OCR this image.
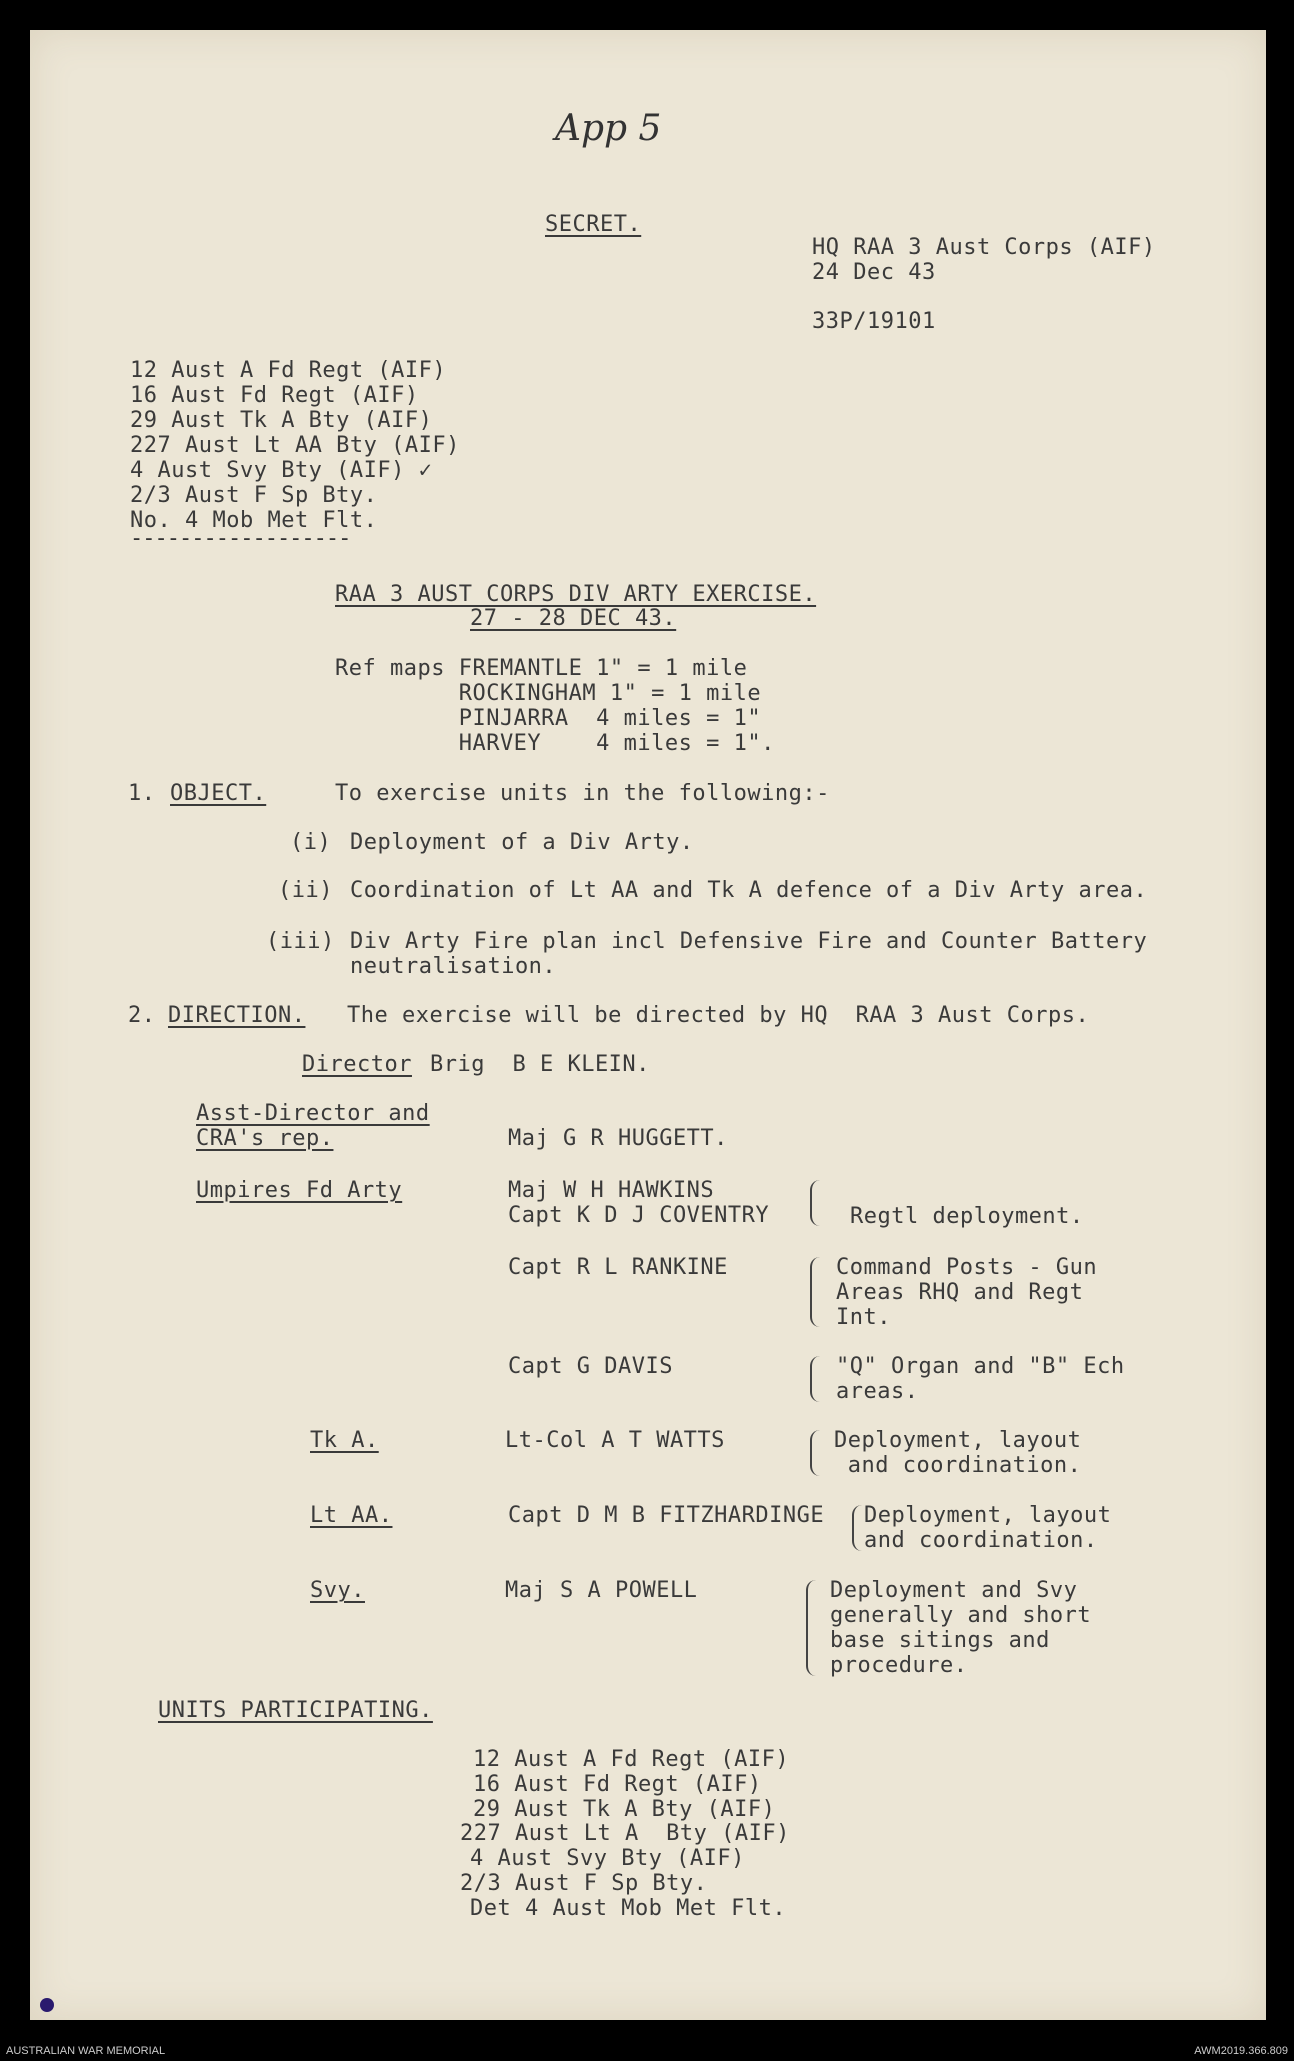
App 5
SECRET.
HQ RAA 3 Aust Corps (AIF)
24 Dec 43
33P/19101
12 Aust A Fd Regt (AIF)
16 Aust Fd Regt (AIF)
29 Aust Tk A Bty (AIF)
227 Aust Lt AA Bty (AIF)
4 Aust Svy Bty (AIF) ✓
2/3 Aust F Sp Bty.
No. 4 Mob Met Flt.
------------------
RAA 3 AUST CORPS DIV ARTY EXERCISE.
27 - 28 DEC 43.
Ref maps FREMANTLE 1" = 1 mile
ROCKINGHAM 1" = 1 mile
PINJARRA  4 miles = 1"
HARVEY    4 miles = 1".
1. OBJECT.	To exercise units in the following:-
(i) Deployment of a Div Arty.
(ii) Coordination of Lt AA and Tk A defence of a Div Arty area.
(iii) Div Arty Fire plan incl Defensive Fire and Counter Battery
neutralisation.
2. DIRECTION. The exercise will be directed by HQ  RAA 3 Aust Corps.
Director Brig  B E KLEIN.
Asst-Director and
CRA's rep.	Maj G R HUGGETT.
Umpires Fd Arty	Maj W H HAWKINS
Capt K D J COVENTRY	Regtl deployment.
Capt R L RANKINE	Command Posts - Gun
Areas RHQ and Regt
Int.
Capt G DAVIS	"Q" Organ and "B" Ech
areas.
Tk A.	Lt-Col A T WATTS	Deployment, layout
and coordination.
Lt AA.	Capt D M B FITZHARDINGE Deployment, layout
and coordination.
Svy.	Maj S A POWELL	Deployment and Svy
generally and short
base sitings and
procedure.
UNITS PARTICIPATING.
12 Aust A Fd Regt (AIF)
16 Aust Fd Regt (AIF)
29 Aust Tk A Bty (AIF)
227 Aust Lt A  Bty (AIF)
4 Aust Svy Bty (AIF)
2/3 Aust F Sp Bty.
Det 4 Aust Mob Met Flt.
AUSTRALIAN WAR MEMORIAL	AWM2019.366.809
